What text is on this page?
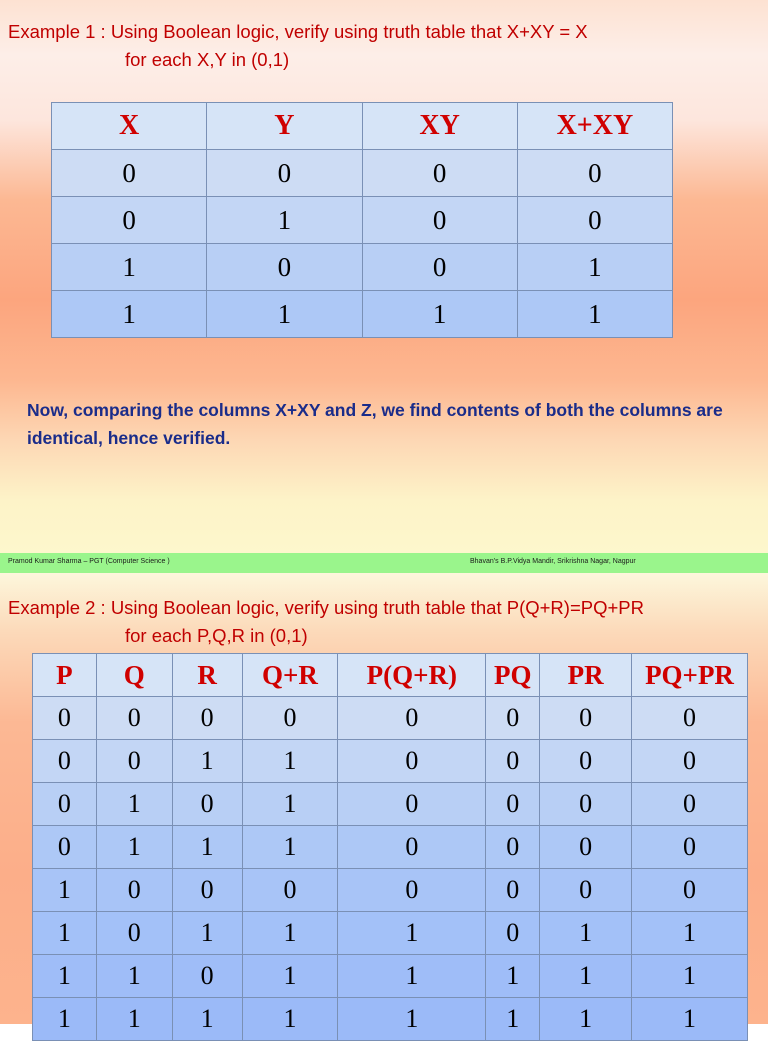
Example 1 : Using Boolean logic, verify using truth table that X+XY = X
for each X,Y in (0,1)
X	Y	XY	X+XY
0	0	0	0
0	1	0	0
1	0	0	1
1	1	1	1
Now, comparing the columns X+XY and Z, we find contents of both the columns are identical, hence verified.
Pramod Kumar Sharma – PGT (Computer Science )	Bhavan’s B.P.Vidya Mandir, Srikrishna Nagar, Nagpur
Example 2 : Using Boolean logic, verify using truth table that P(Q+R)=PQ+PR
for each P,Q,R in (0,1)
P	Q	R	Q+R	P(Q+R)	PQ	PR	PQ+PR
0	0	0	0	0	0	0	0
0	0	1	1	0	0	0	0
0	1	0	1	0	0	0	0
0	1	1	1	0	0	0	0
1	0	0	0	0	0	0	0
1	0	1	1	1	0	1	1
1	1	0	1	1	1	1	1
1	1	1	1	1	1	1	1
